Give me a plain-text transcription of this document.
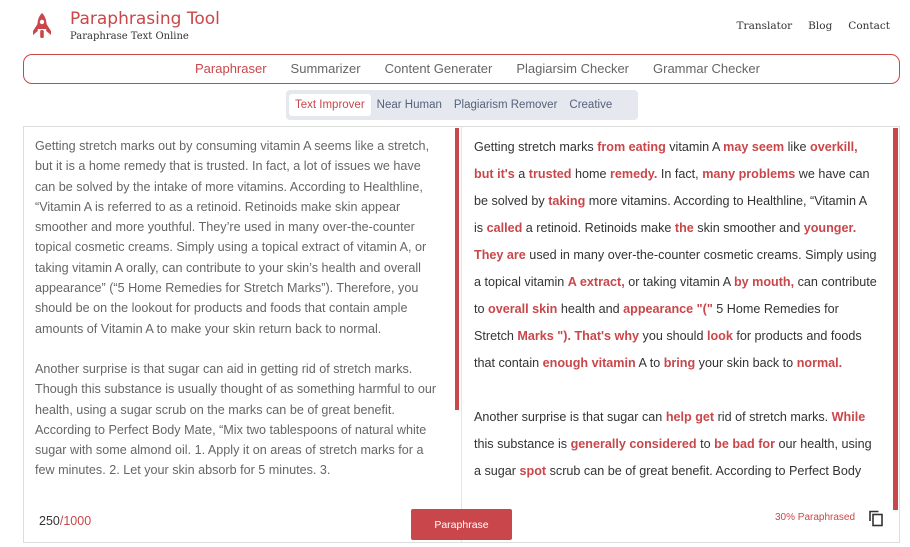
Paraphrasing Tool
Paraphrase Text Online
Translator Blog Contact
Paraphraser Summarizer Content Generater Plagiarsim Checker Grammar Checker
Text Improver	Near Human	Plagiarism Remover	Creative

Getting stretch marks out by consuming vitamin A seems like a stretch, but it is a home remedy that is trusted. In fact, a lot of issues we have can be solved by the intake of more vitamins. According to Healthline, “Vitamin A is referred to as a retinoid. Retinoids make skin appear smoother and more youthful. They’re used in many over-the-counter topical cosmetic creams. Simply using a topical extract of vitamin A, or taking vitamin A orally, can contribute to your skin’s health and overall appearance” (“5 Home Remedies for Stretch Marks”). Therefore, you should be on the lookout for products and foods that contain ample amounts of Vitamin A to make your skin return back to normal.

Another surprise is that sugar can aid in getting rid of stretch marks. Though this substance is usually thought of as something harmful to our health, using a sugar scrub on the marks can be of great benefit. According to Perfect Body Mate, “Mix two tablespoons of natural white sugar with some almond oil. 1. Apply it on areas of stretch marks for a few minutes. 2. Let your skin absorb for 5 minutes. 3.

Getting stretch marks from eating vitamin A may seem like overkill, but it's a trusted home remedy. In fact, many problems we have can be solved by taking more vitamins. According to Healthline, “Vitamin A is called a retinoid. Retinoids make the skin smoother and younger. They are used in many over-the-counter cosmetic creams. Simply using a topical vitamin A extract, or taking vitamin A by mouth, can contribute to overall skin health and appearance "(" 5 Home Remedies for Stretch Marks "). That's why you should look for products and foods that contain enough vitamin A to bring your skin back to normal.

Another surprise is that sugar can help get rid of stretch marks. While this substance is generally considered to be bad for our health, using a sugar spot scrub can be of great benefit. According to Perfect Body

250/1000	Paraphrase
30% Paraphrased
